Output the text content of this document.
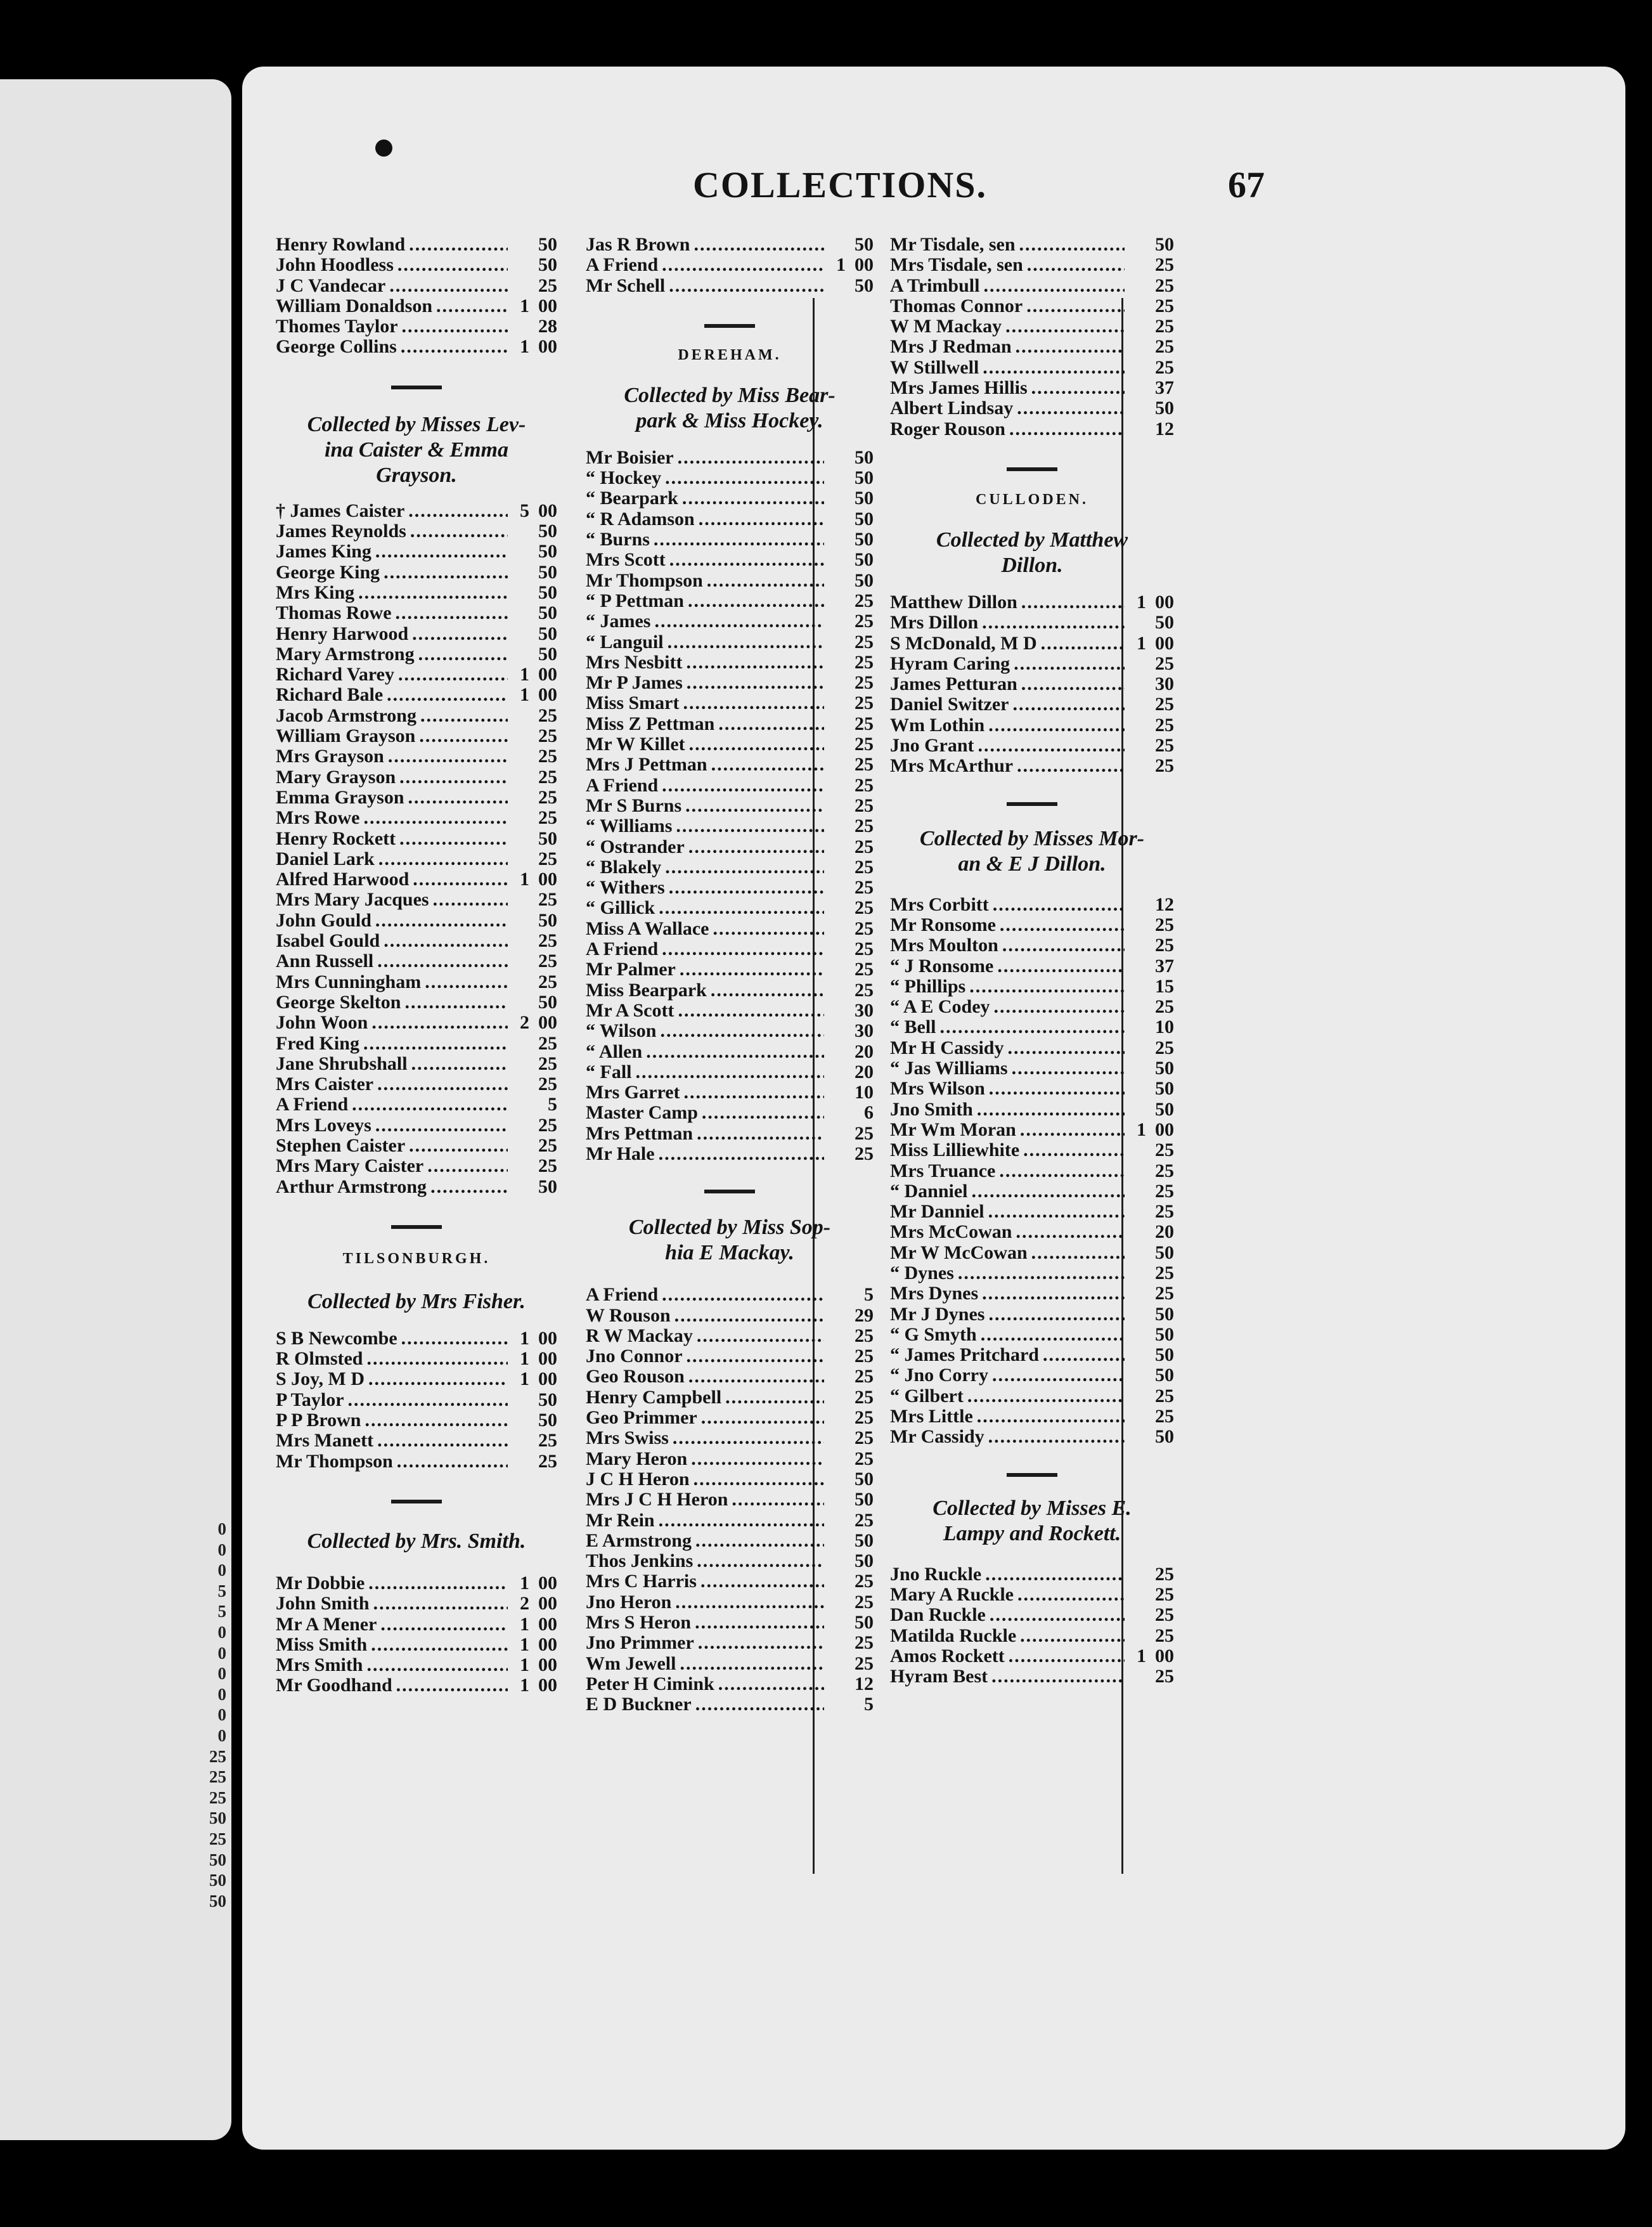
0
0
0
5
5
0
0
0
0
0
0
25
25
25
50
25
50
50
50
COLLECTIONS.	67
Henry Rowland .....	50
John Hoodless .....	50
J C Vandecar .....	25
William Donaldson .....	1 00
Thomes Taylor .....	28
George Collins .....	1 00
Collected by Misses Lev-
ina Caister & Emma
Grayson.
† James Caister .....	5 00
James Reynolds .....	50
James King .....	50
George King .....	50
Mrs King .....	50
Thomas Rowe .....	50
Henry Harwood .....	50
Mary Armstrong .....	50
Richard Varey .....	1 00
Richard Bale .....	1 00
Jacob Armstrong .....	25
William Grayson .....	25
Mrs Grayson .....	25
Mary Grayson .....	25
Emma Grayson .....	25
Mrs Rowe .....	25
Henry Rockett .....	50
Daniel Lark .....	25
Alfred Harwood .....	1 00
Mrs Mary Jacques .....	25
John Gould .....	50
Isabel Gould .....	25
Ann Russell .....	25
Mrs Cunningham .....	25
George Skelton .....	50
John Woon .....	2 00
Fred King .....	25
Jane Shrubshall .....	25
Mrs Caister .....	25
A Friend .....	5
Mrs Loveys .....	25
Stephen Caister .....	25
Mrs Mary Caister .....	25
Arthur Armstrong .....	50
TILSONBURGH.
Collected by Mrs Fisher.
S B Newcombe .....	1 00
R Olmsted .....	1 00
S Joy, M D .....	1 00
P Taylor .....	50
P P Brown .....	50
Mrs Manett .....	25
Mr Thompson .....	25
Collected by Mrs. Smith.
Mr Dobbie .....	1 00
John Smith .....	2 00
Mr A Mener .....	1 00
Miss Smith .....	1 00
Mrs Smith .....	1 00
Mr Goodhand .....	1 00
Jas R Brown .....	50
A Friend .....	1 00
Mr Schell .....	50
DEREHAM.
Collected by Miss Bear-
park & Miss Hockey.
Mr Boisier .....	50
“ Hockey .....	50
“ Bearpark .....	50
“ R Adamson .....	50
“ Burns .....	50
Mrs Scott .....	50
Mr Thompson .....	50
“ P Pettman .....	25
“ James .....	25
“ Languil .....	25
Mrs Nesbitt .....	25
Mr P James .....	25
Miss Smart .....	25
Miss Z Pettman .....	25
Mr W Killet .....	25
Mrs J Pettman .....	25
A Friend .....	25
Mr S Burns .....	25
“ Williams .....	25
“ Ostrander .....	25
“ Blakely .....	25
“ Withers .....	25
“ Gillick .....	25
Miss A Wallace .....	25
A Friend .....	25
Mr Palmer .....	25
Miss Bearpark .....	25
Mr A Scott .....	30
“ Wilson .....	30
“ Allen .....	20
“ Fall .....	20
Mrs Garret .....	10
Master Camp .....	6
Mrs Pettman .....	25
Mr Hale .....	25
Collected by Miss Sop-
hia E Mackay.
A Friend .....	5
W Rouson .....	29
R W Mackay .....	25
Jno Connor .....	25
Geo Rouson .....	25
Henry Campbell .....	25
Geo Primmer .....	25
Mrs Swiss .....	25
Mary Heron .....	25
J C H Heron .....	50
Mrs J C H Heron .....	50
Mr Rein .....	25
E Armstrong .....	50
Thos Jenkins .....	50
Mrs C Harris .....	25
Jno Heron .....	25
Mrs S Heron .....	50
Jno Primmer .....	25
Wm Jewell .....	25
Peter H Cimink .....	12
E D Buckner .....	5
Mr Tisdale, sen .....	50
Mrs Tisdale, sen .....	25
A Trimbull .....	25
Thomas Connor .....	25
W M Mackay .....	25
Mrs J Redman .....	25
W Stillwell .....	25
Mrs James Hillis .....	37
Albert Lindsay .....	50
Roger Rouson .....	12
CULLODEN.
Collected by Matthew
Dillon.
Matthew Dillon .....	1 00
Mrs Dillon .....	50
S McDonald, M D .....	1 00
Hyram Caring .....	25
James Petturan .....	30
Daniel Switzer .....	25
Wm Lothin .....	25
Jno Grant .....	25
Mrs McArthur .....	25
Collected by Misses Mor-
an & E J Dillon.
Mrs Corbitt .....	12
Mr Ronsome .....	25
Mrs Moulton .....	25
“ J Ronsome .....	37
“ Phillips .....	15
“ A E Codey .....	25
“ Bell .....	10
Mr H Cassidy .....	25
“ Jas Williams .....	50
Mrs Wilson .....	50
Jno Smith .....	50
Mr Wm Moran .....	1 00
Miss Lilliewhite .....	25
Mrs Truance .....	25
“ Danniel .....	25
Mr Danniel .....	25
Mrs McCowan .....	20
Mr W McCowan .....	50
“ Dynes .....	25
Mrs Dynes .....	25
Mr J Dynes .....	50
“ G Smyth .....	50
“ James Pritchard .....	50
“ Jno Corry .....	50
“ Gilbert .....	25
Mrs Little .....	25
Mr Cassidy .....	50
Collected by Misses E.
Lampy and Rockett.
Jno Ruckle .....	25
Mary A Ruckle .....	25
Dan Ruckle .....	25
Matilda Ruckle .....	25
Amos Rockett .....	1 00
Hyram Best .....	25
